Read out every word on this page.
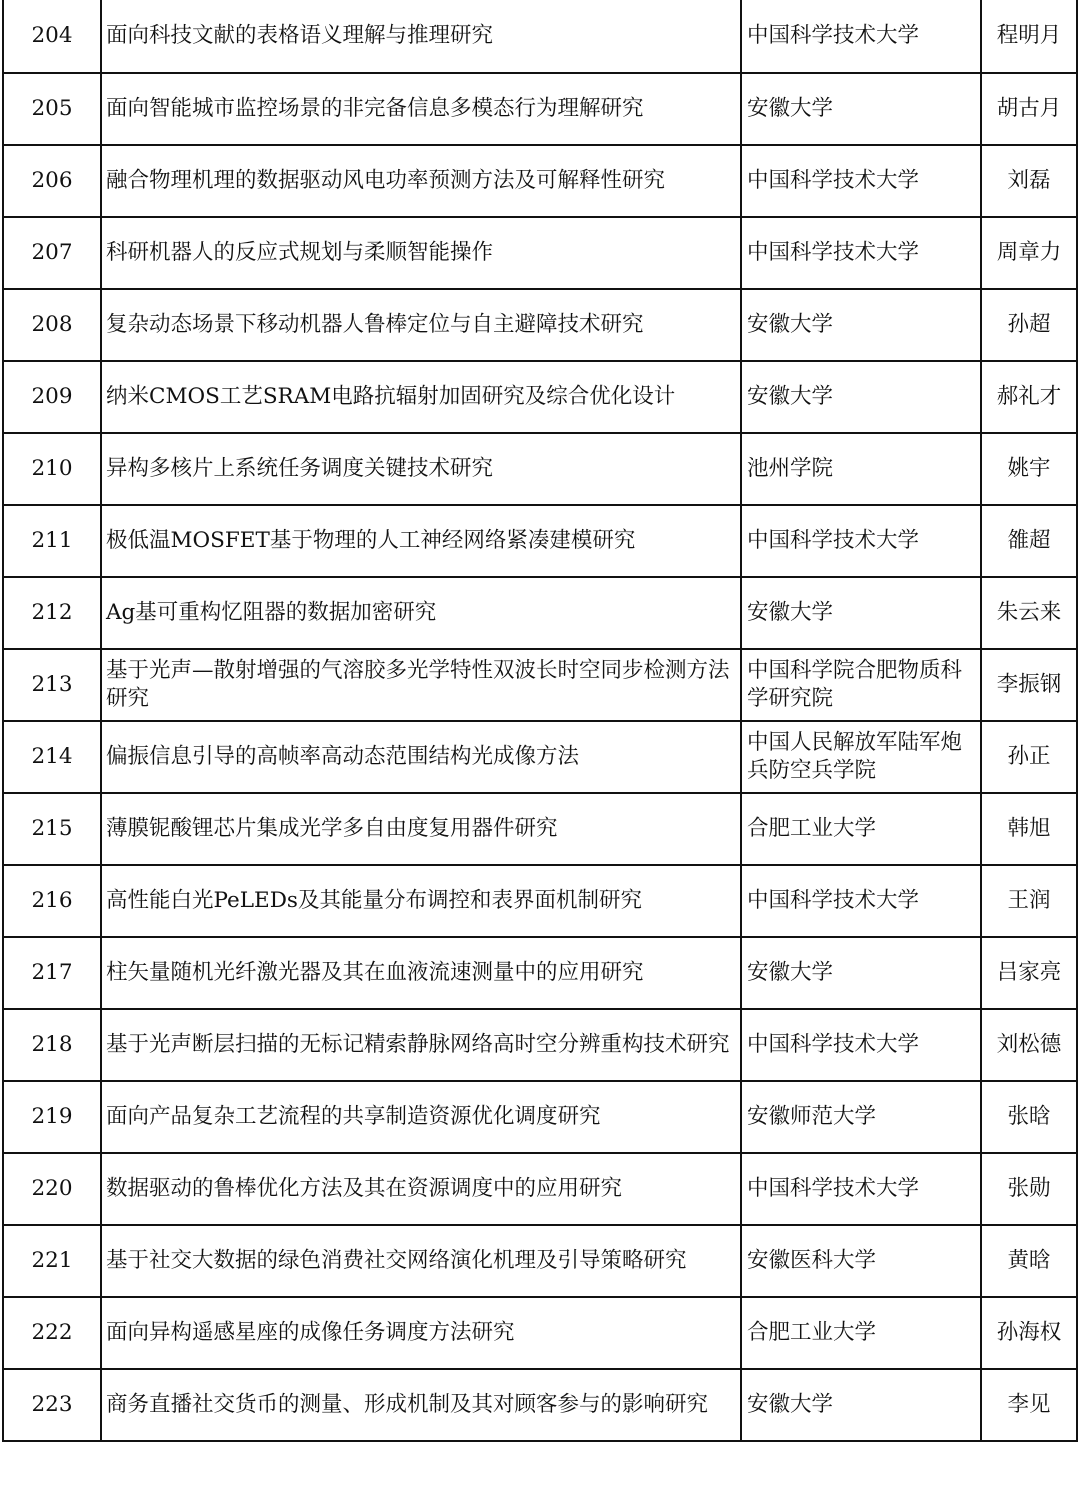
204	面向科技文献的表格语义理解与推理研究	中国科学技术大学	程明月
205	面向智能城市监控场景的非完备信息多模态行为理解研究	安徽大学	胡古月
206	融合物理机理的数据驱动风电功率预测方法及可解释性研究	中国科学技术大学	刘磊
207	科研机器人的反应式规划与柔顺智能操作	中国科学技术大学	周章力
208	复杂动态场景下移动机器人鲁棒定位与自主避障技术研究	安徽大学	孙超
209	纳米CMOS工艺SRAM电路抗辐射加固研究及综合优化设计	安徽大学	郝礼才
210	异构多核片上系统任务调度关键技术研究	池州学院	姚宇
211	极低温MOSFET基于物理的人工神经网络紧凑建模研究	中国科学技术大学	雒超
212	Ag基可重构忆阻器的数据加密研究	安徽大学	朱云来
213	基于光声—散射增强的气溶胶多光学特性双波长时空同步检测方法研究	中国科学院合肥物质科学研究院	李振钢
214	偏振信息引导的高帧率高动态范围结构光成像方法	中国人民解放军陆军炮兵防空兵学院	孙正
215	薄膜铌酸锂芯片集成光学多自由度复用器件研究	合肥工业大学	韩旭
216	高性能白光PeLEDs及其能量分布调控和表界面机制研究	中国科学技术大学	王润
217	柱矢量随机光纤激光器及其在血液流速测量中的应用研究	安徽大学	吕家亮
218	基于光声断层扫描的无标记精索静脉网络高时空分辨重构技术研究	中国科学技术大学	刘松德
219	面向产品复杂工艺流程的共享制造资源优化调度研究	安徽师范大学	张晗
220	数据驱动的鲁棒优化方法及其在资源调度中的应用研究	中国科学技术大学	张勋
221	基于社交大数据的绿色消费社交网络演化机理及引导策略研究	安徽医科大学	黄晗
222	面向异构遥感星座的成像任务调度方法研究	合肥工业大学	孙海权
223	商务直播社交货币的测量、形成机制及其对顾客参与的影响研究	安徽大学	李见
